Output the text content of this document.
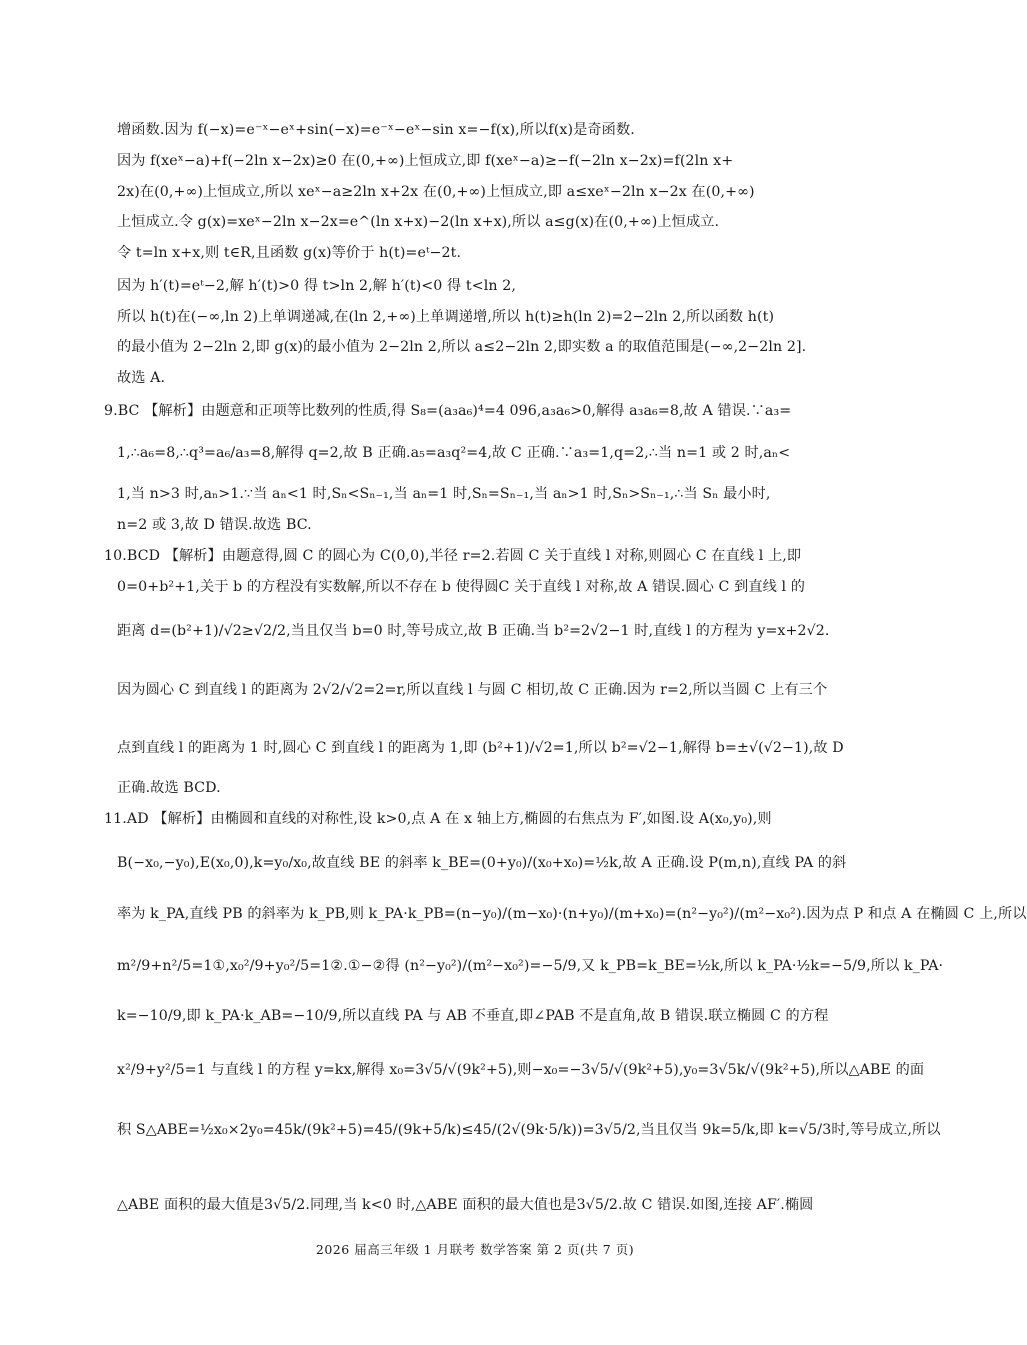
增函数.因为 f(−x)=e⁻ˣ−eˣ+sin(−x)=e⁻ˣ−eˣ−sin x=−f(x),所以f(x)是奇函数.
因为 f(xeˣ−a)+f(−2ln x−2x)≥0 在(0,+∞)上恒成立,即 f(xeˣ−a)≥−f(−2ln x−2x)=f(2ln x+
2x)在(0,+∞)上恒成立,所以 xeˣ−a≥2ln x+2x 在(0,+∞)上恒成立,即 a≤xeˣ−2ln x−2x 在(0,+∞)
上恒成立.令 g(x)=xeˣ−2ln x−2x=e^(ln x+x)−2(ln x+x),所以 a≤g(x)在(0,+∞)上恒成立.
令 t=ln x+x,则 t∈R,且函数 g(x)等价于 h(t)=eᵗ−2t.
因为 h′(t)=eᵗ−2,解 h′(t)>0 得 t>ln 2,解 h′(t)<0 得 t<ln 2,
所以 h(t)在(−∞,ln 2)上单调递减,在(ln 2,+∞)上单调递增,所以 h(t)≥h(ln 2)=2−2ln 2,所以函数 h(t)
的最小值为 2−2ln 2,即 g(x)的最小值为 2−2ln 2,所以 a≤2−2ln 2,即实数 a 的取值范围是(−∞,2−2ln 2].
故选 A.
9.BC 【解析】由题意和正项等比数列的性质,得 S₈=(a₃a₆)⁴=4 096,a₃a₆>0,解得 a₃a₆=8,故 A 错误.∵a₃=
1,∴a₆=8,∴q³=a₆/a₃=8,解得 q=2,故 B 正确.a₅=a₃q²=4,故 C 正确.∵a₃=1,q=2,∴当 n=1 或 2 时,aₙ<
1,当 n>3 时,aₙ>1.∵当 aₙ<1 时,Sₙ<Sₙ₋₁,当 aₙ=1 时,Sₙ=Sₙ₋₁,当 aₙ>1 时,Sₙ>Sₙ₋₁,∴当 Sₙ 最小时,
n=2 或 3,故 D 错误.故选 BC.
10.BCD 【解析】由题意得,圆 C 的圆心为 C(0,0),半径 r=2.若圆 C 关于直线 l 对称,则圆心 C 在直线 l 上,即
0=0+b²+1,关于 b 的方程没有实数解,所以不存在 b 使得圆C 关于直线 l 对称,故 A 错误.圆心 C 到直线 l 的
距离 d=(b²+1)/√2≥√2/2,当且仅当 b=0 时,等号成立,故 B 正确.当 b²=2√2−1 时,直线 l 的方程为 y=x+2√2.
因为圆心 C 到直线 l 的距离为 2√2/√2=2=r,所以直线 l 与圆 C 相切,故 C 正确.因为 r=2,所以当圆 C 上有三个
点到直线 l 的距离为 1 时,圆心 C 到直线 l 的距离为 1,即 (b²+1)/√2=1,所以 b²=√2−1,解得 b=±√(√2−1),故 D
正确.故选 BCD.
11.AD 【解析】由椭圆和直线的对称性,设 k>0,点 A 在 x 轴上方,椭圆的右焦点为 F′,如图.设 A(x₀,y₀),则
B(−x₀,−y₀),E(x₀,0),k=y₀/x₀,故直线 BE 的斜率 k_BE=(0+y₀)/(x₀+x₀)=½k,故 A 正确.设 P(m,n),直线 PA 的斜
率为 k_PA,直线 PB 的斜率为 k_PB,则 k_PA·k_PB=(n−y₀)/(m−x₀)·(n+y₀)/(m+x₀)=(n²−y₀²)/(m²−x₀²).因为点 P 和点 A 在椭圆 C 上,所以
m²/9+n²/5=1①,x₀²/9+y₀²/5=1②.①−②得 (n²−y₀²)/(m²−x₀²)=−5/9,又 k_PB=k_BE=½k,所以 k_PA·½k=−5/9,所以 k_PA·
k=−10/9,即 k_PA·k_AB=−10/9,所以直线 PA 与 AB 不垂直,即∠PAB 不是直角,故 B 错误.联立椭圆 C 的方程
x²/9+y²/5=1 与直线 l 的方程 y=kx,解得 x₀=3√5/√(9k²+5),则−x₀=−3√5/√(9k²+5),y₀=3√5k/√(9k²+5),所以△ABE 的面
积 S△ABE=½x₀×2y₀=45k/(9k²+5)=45/(9k+5/k)≤45/(2√(9k·5/k))=3√5/2,当且仅当 9k=5/k,即 k=√5/3时,等号成立,所以
△ABE 面积的最大值是3√5/2.同理,当 k<0 时,△ABE 面积的最大值也是3√5/2.故 C 错误.如图,连接 AF′.椭圆
2026 届高三年级 1 月联考 数学答案 第 2 页(共 7 页)
